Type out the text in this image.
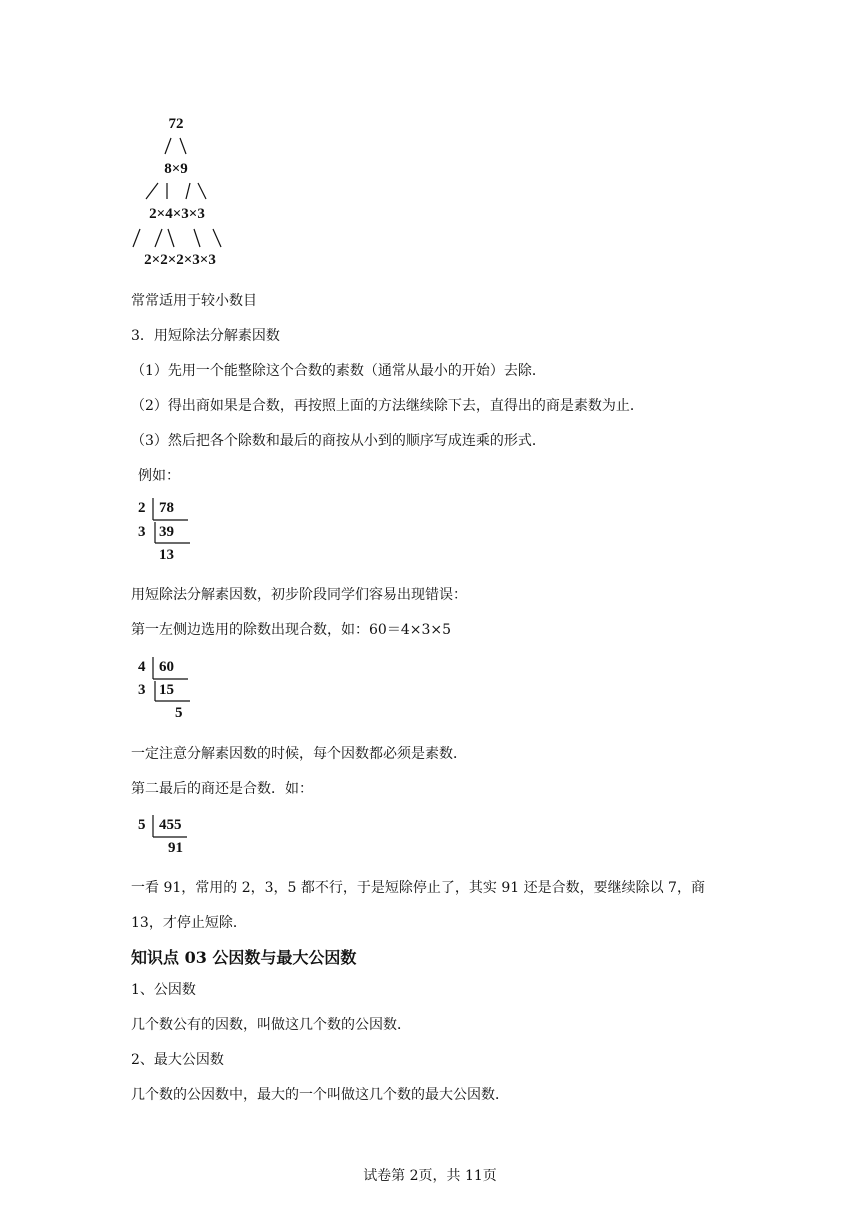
72
8×9
2×4×3×3
2×2×2×3×3
常常适用于较小数目
3．用短除法分解素因数
（1）先用一个能整除这个合数的素数（通常从最小的开始）去除．
（2）得出商如果是合数，再按照上面的方法继续除下去，直得出的商是素数为止．
（3）然后把各个除数和最后的商按从小到的顺序写成连乘的形式．
例如：
2 78
3 39
13
用短除法分解素因数，初步阶段同学们容易出现错误：
第一左侧边选用的除数出现合数，如：60＝4×3×5
4 60
3 15
5
一定注意分解素因数的时候，每个因数都必须是素数．
第二最后的商还是合数．如：
5 455
91
一看 91，常用的 2，3，5 都不行，于是短除停止了，其实 91 还是合数，要继续除以 7，商
13，才停止短除．
知识点 03 公因数与最大公因数
1、公因数
几个数公有的因数，叫做这几个数的公因数．
2、最大公因数
几个数的公因数中，最大的一个叫做这几个数的最大公因数．
试卷第 2页，共 11页
